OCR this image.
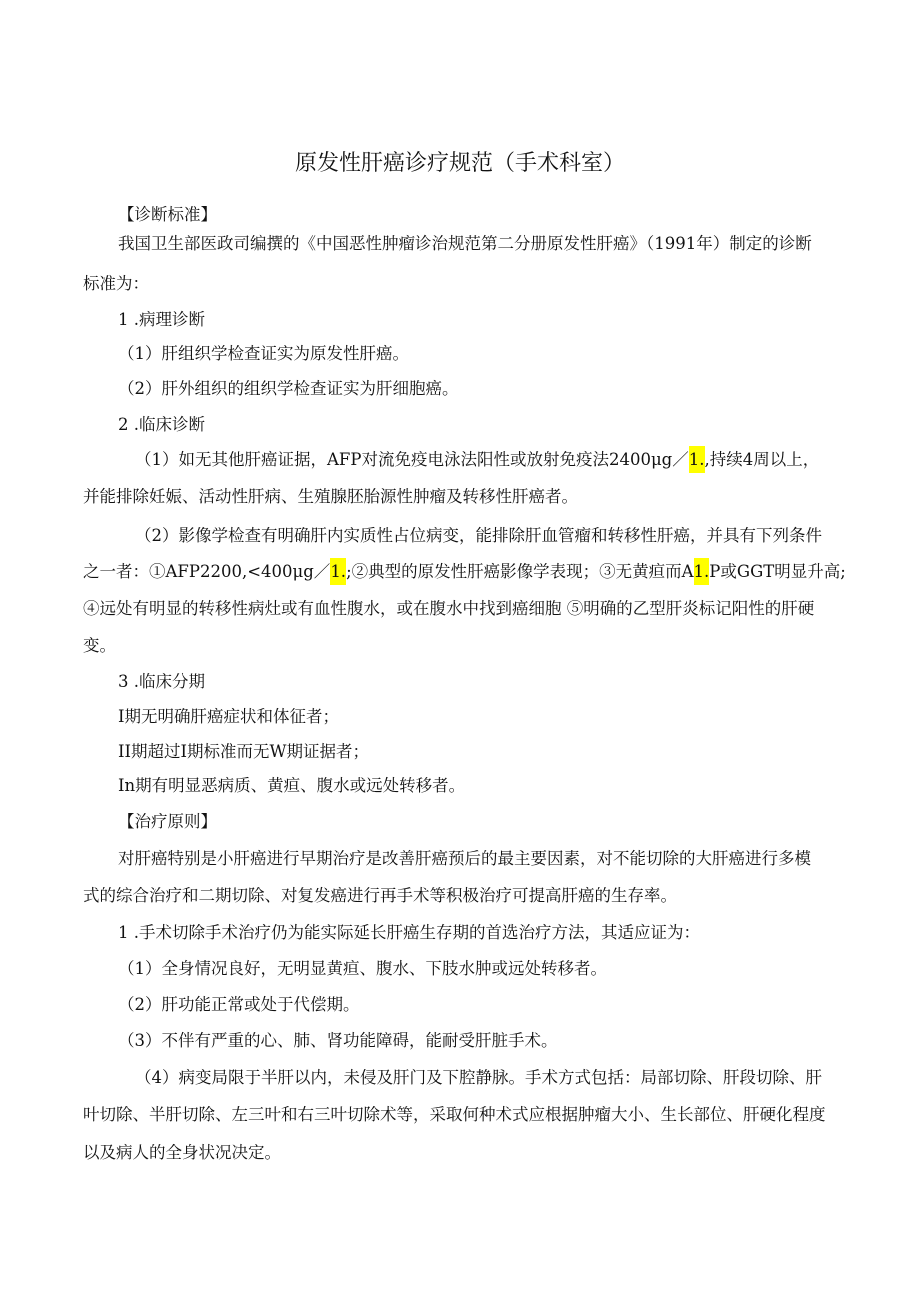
原发性肝癌诊疗规范（手术科室）

【诊断标准】

我国卫生部医政司编撰的《中国恶性肿瘤诊治规范第二分册原发性肝癌》（1991年）制定的诊断

标准为：

1 .病理诊断

（1）肝组织学检查证实为原发性肝癌。

（2）肝外组织的组织学检查证实为肝细胞癌。

2 .临床诊断

（1）如无其他肝癌证据，AFP对流免疫电泳法阳性或放射免疫法2400μg／1.,持续4周以上，

并能排除妊娠、活动性肝病、生殖腺胚胎源性肿瘤及转移性肝癌者。

（2）影像学检查有明确肝内实质性占位病变，能排除肝血管瘤和转移性肝癌，并具有下列条件

之一者：①AFP2200,<400μg／1.;②典型的原发性肝癌影像学表现；③无黄疸而A1.P或GGT明显升高;

④远处有明显的转移性病灶或有血性腹水，或在腹水中找到癌细胞 ⑤明确的乙型肝炎标记阳性的肝硬

变。

3 .临床分期

I期无明确肝癌症状和体征者；

II期超过I期标准而无W期证据者；

In期有明显恶病质、黄疸、腹水或远处转移者。

【治疗原则】

对肝癌特别是小肝癌进行早期治疗是改善肝癌预后的最主要因素，对不能切除的大肝癌进行多模

式的综合治疗和二期切除、对复发癌进行再手术等积极治疗可提高肝癌的生存率。

1 .手术切除手术治疗仍为能实际延长肝癌生存期的首选治疗方法，其适应证为：

（1）全身情况良好，无明显黄疸、腹水、下肢水肿或远处转移者。

（2）肝功能正常或处于代偿期。

（3）不伴有严重的心、肺、肾功能障碍，能耐受肝脏手术。

（4）病变局限于半肝以内，未侵及肝门及下腔静脉。手术方式包括：局部切除、肝段切除、肝

叶切除、半肝切除、左三叶和右三叶切除术等，采取何种术式应根据肿瘤大小、生长部位、肝硬化程度

以及病人的全身状况决定。
